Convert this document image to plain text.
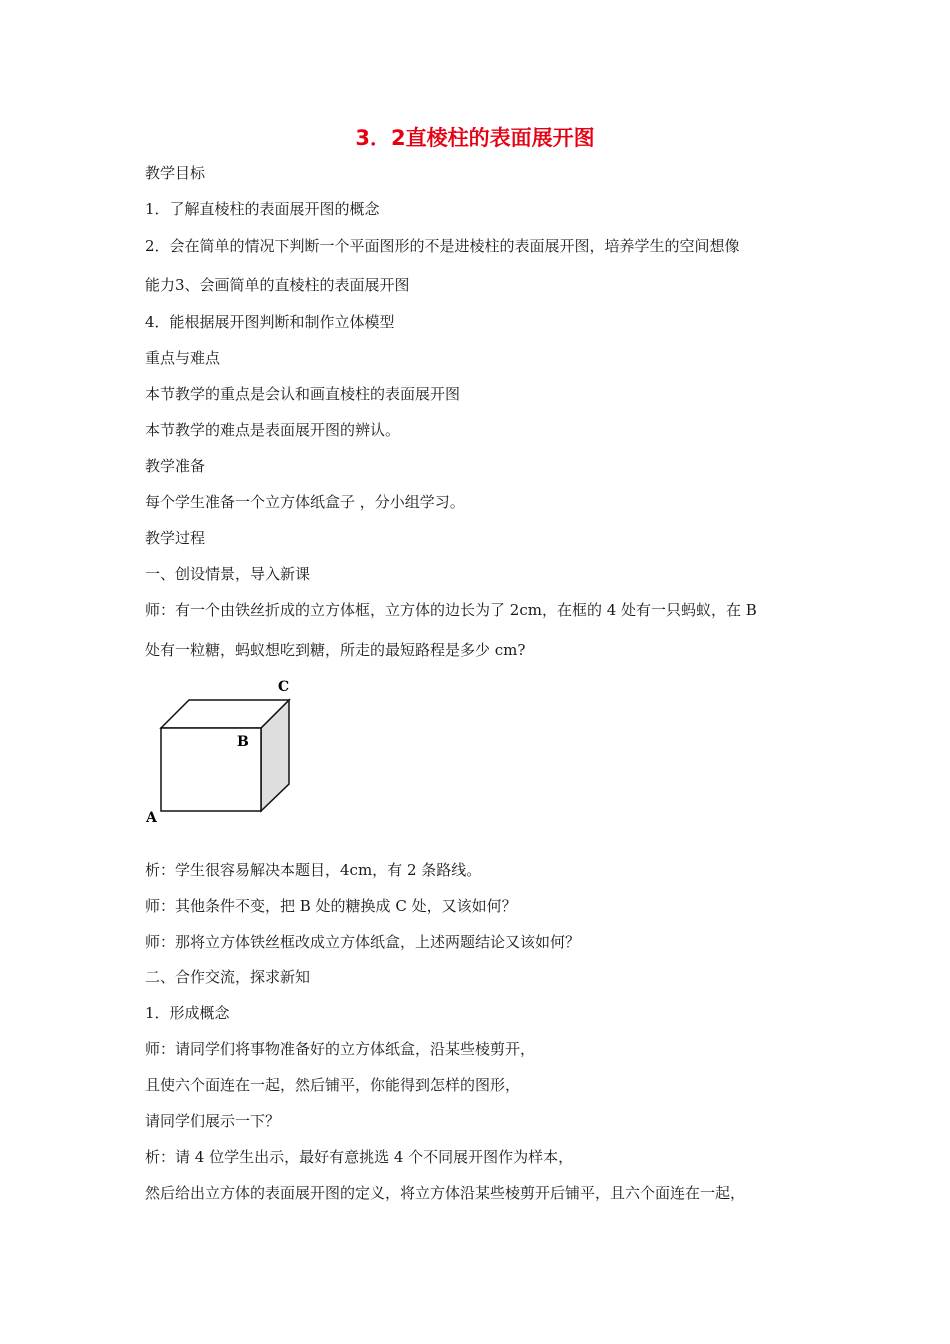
3．2直棱柱的表面展开图
教学目标
1．了解直棱柱的表面展开图的概念
2．会在简单的情况下判断一个平面图形的不是进棱柱的表面展开图，培养学生的空间想像
能力3、会画简单的直棱柱的表面展开图
4．能根据展开图判断和制作立体模型
重点与难点
本节教学的重点是会认和画直棱柱的表面展开图
本节教学的难点是表面展开图的辨认。
教学准备
每个学生准备一个立方体纸盒子 ，分小组学习。
教学过程
一、创设情景，导入新课
师：有一个由铁丝折成的立方体框，立方体的边长为了 2cm，在框的 4 处有一只蚂蚁，在 B
处有一粒糖，蚂蚁想吃到糖，所走的最短路程是多少 cm?
A
B
C
析：学生很容易解决本题目，4cm，有 2 条路线。
师：其他条件不变，把 B 处的糖换成 C 处，又该如何？
师：那将立方体铁丝框改成立方体纸盒，上述两题结论又该如何？
二、合作交流，探求新知
1．形成概念
师：请同学们将事物准备好的立方体纸盒，沿某些棱剪开，
且使六个面连在一起，然后铺平，你能得到怎样的图形，
请同学们展示一下？
析：请 4 位学生出示，最好有意挑选 4 个不同展开图作为样本，
然后给出立方体的表面展开图的定义，将立方体沿某些棱剪开后铺平，且六个面连在一起，
